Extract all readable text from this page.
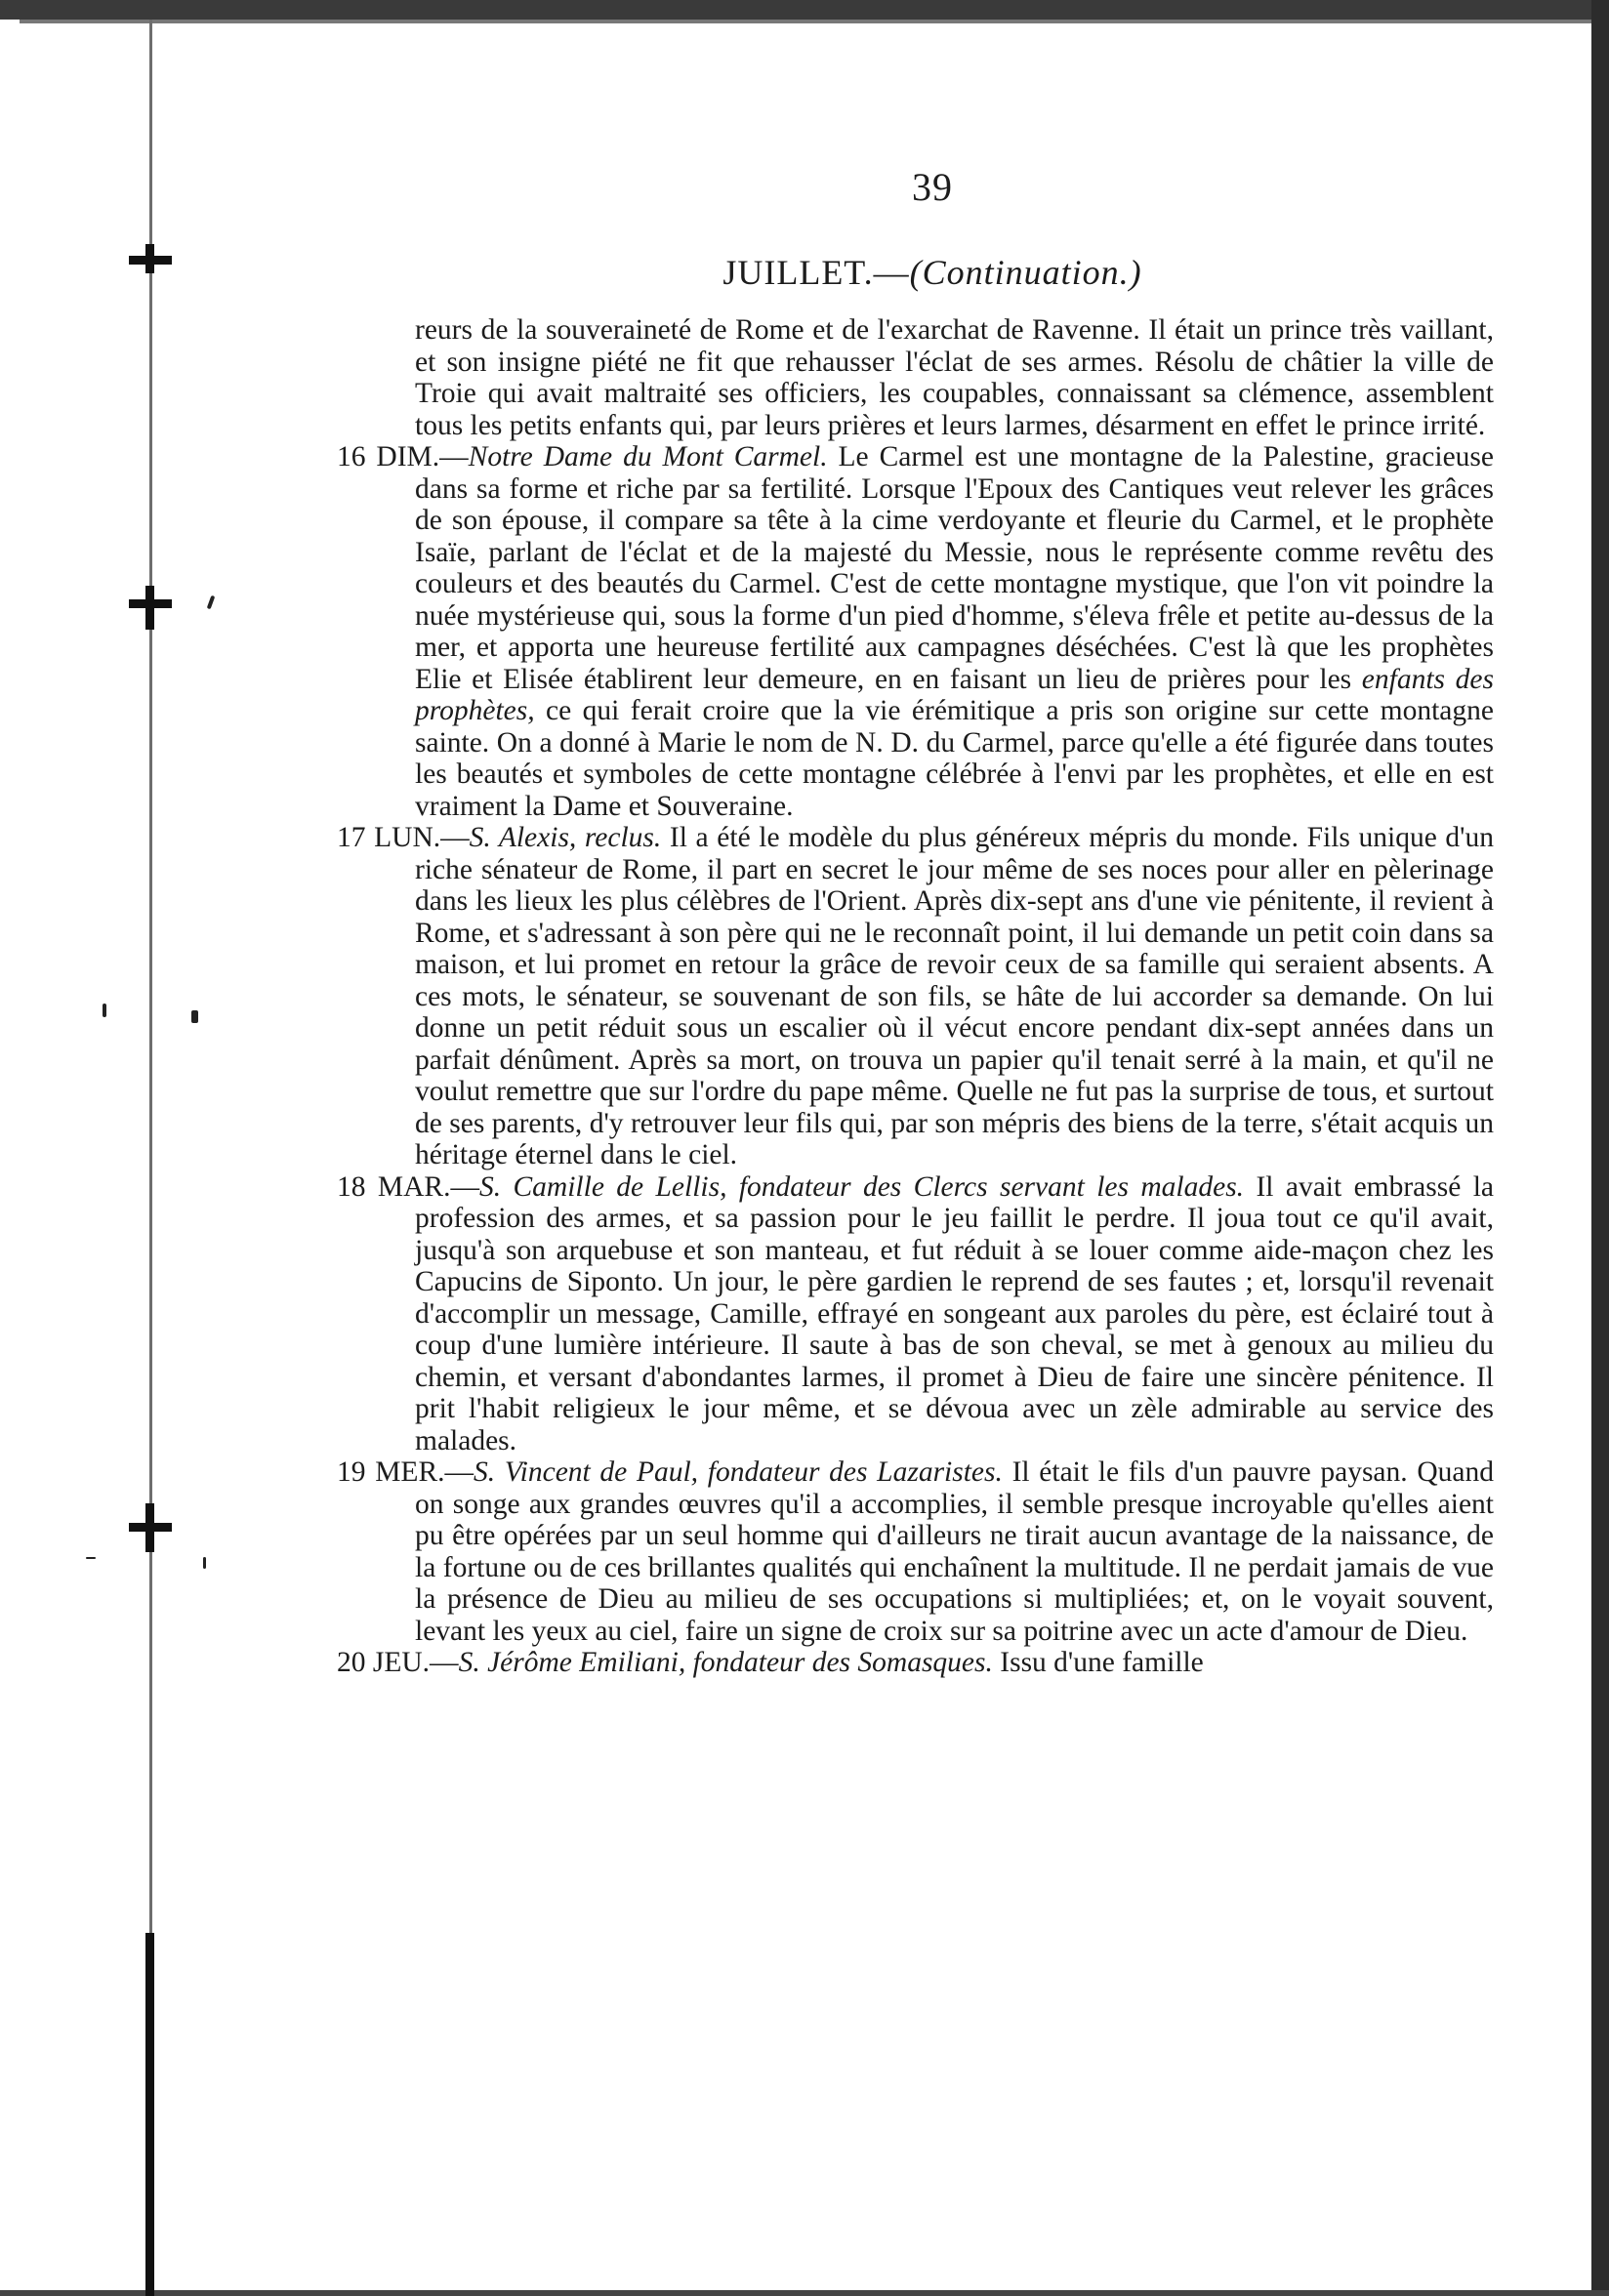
39
JUILLET.—(Continuation.)

reurs de la souveraineté de Rome et de l'exarchat de Ravenne. Il était un prince très vaillant, et son insigne piété ne fit que rehausser l'éclat de ses armes. Résolu de châtier la ville de Troie qui avait maltraité ses officiers, les coupables, connaissant sa clémence, assemblent tous les petits enfants qui, par leurs prières et leurs larmes, désarment en effet le prince irrité.

16 DIM.—Notre Dame du Mont Carmel. Le Carmel est une montagne de la Palestine, gracieuse dans sa forme et riche par sa fertilité. Lorsque l'Epoux des Cantiques veut relever les grâces de son épouse, il compare sa tête à la cime verdoyante et fleurie du Carmel, et le prophète Isaïe, parlant de l'éclat et de la majesté du Messie, nous le représente comme revêtu des couleurs et des beautés du Carmel. C'est de cette montagne mystique, que l'on vit poindre la nuée mystérieuse qui, sous la forme d'un pied d'homme, s'éleva frêle et petite au-dessus de la mer, et apporta une heureuse fertilité aux campagnes déséchées. C'est là que les prophètes Elie et Elisée établirent leur demeure, en en faisant un lieu de prières pour les enfants des prophètes, ce qui ferait croire que la vie érémitique a pris son origine sur cette montagne sainte. On a donné à Marie le nom de N. D. du Carmel, parce qu'elle a été figurée dans toutes les beautés et symboles de cette montagne célébrée à l'envi par les prophètes, et elle en est vraiment la Dame et Souveraine.

17 LUN.—S. Alexis, reclus. Il a été le modèle du plus généreux mépris du monde. Fils unique d'un riche sénateur de Rome, il part en secret le jour même de ses noces pour aller en pèlerinage dans les lieux les plus célèbres de l'Orient. Après dix-sept ans d'une vie pénitente, il revient à Rome, et s'adressant à son père qui ne le reconnaît point, il lui demande un petit coin dans sa maison, et lui promet en retour la grâce de revoir ceux de sa famille qui seraient absents. A ces mots, le sénateur, se souvenant de son fils, se hâte de lui accorder sa demande. On lui donne un petit réduit sous un escalier où il vécut encore pendant dix-sept années dans un parfait dénûment. Après sa mort, on trouva un papier qu'il tenait serré à la main, et qu'il ne voulut remettre que sur l'ordre du pape même. Quelle ne fut pas la surprise de tous, et surtout de ses parents, d'y retrouver leur fils qui, par son mépris des biens de la terre, s'était acquis un héritage éternel dans le ciel.

18 MAR.—S. Camille de Lellis, fondateur des Clercs servant les malades. Il avait embrassé la profession des armes, et sa passion pour le jeu faillit le perdre. Il joua tout ce qu'il avait, jusqu'à son arquebuse et son manteau, et fut réduit à se louer comme aide-maçon chez les Capucins de Siponto. Un jour, le père gardien le reprend de ses fautes ; et, lorsqu'il revenait d'accomplir un message, Camille, effrayé en songeant aux paroles du père, est éclairé tout à coup d'une lumière intérieure. Il saute à bas de son cheval, se met à genoux au milieu du chemin, et versant d'abondantes larmes, il promet à Dieu de faire une sincère pénitence. Il prit l'habit religieux le jour même, et se dévoua avec un zèle admirable au service des malades.

19 MER.—S. Vincent de Paul, fondateur des Lazaristes. Il était le fils d'un pauvre paysan. Quand on songe aux grandes œuvres qu'il a accomplies, il semble presque incroyable qu'elles aient pu être opérées par un seul homme qui d'ailleurs ne tirait aucun avantage de la naissance, de la fortune ou de ces brillantes qualités qui enchaînent la multitude. Il ne perdait jamais de vue la présence de Dieu au milieu de ses occupations si multipliées; et, on le voyait souvent, levant les yeux au ciel, faire un signe de croix sur sa poitrine avec un acte d'amour de Dieu.

20 JEU.—S. Jérôme Emiliani, fondateur des Somasques. Issu d'une famille
